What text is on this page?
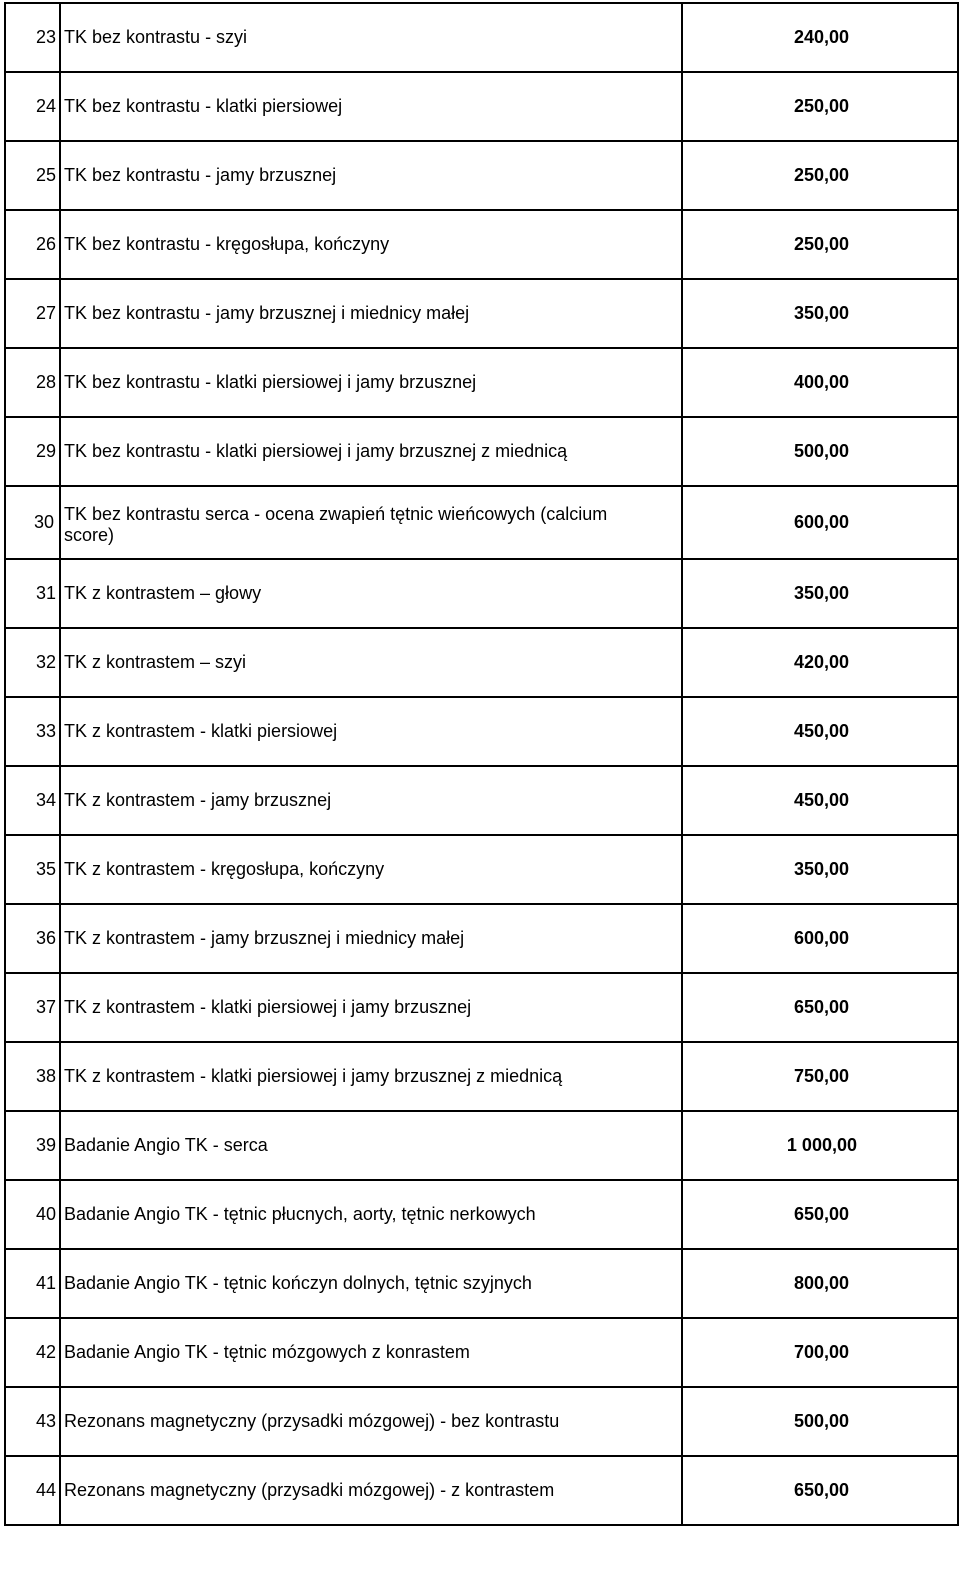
23	TK bez kontrastu - szyi	240,00
24	TK bez kontrastu - klatki piersiowej	250,00
25	TK bez kontrastu - jamy brzusznej	250,00
26	TK bez kontrastu - kręgosłupa, kończyny	250,00
27	TK bez kontrastu - jamy brzusznej i miednicy małej	350,00
28	TK bez kontrastu - klatki piersiowej i jamy brzusznej	400,00
29	TK bez kontrastu - klatki piersiowej i jamy brzusznej z miednicą	500,00
30	TK bez kontrastu serca - ocena zwapień tętnic wieńcowych (calcium score)	600,00
31	TK z kontrastem – głowy	350,00
32	TK z kontrastem – szyi	420,00
33	TK z kontrastem - klatki piersiowej	450,00
34	TK z kontrastem - jamy brzusznej	450,00
35	TK z kontrastem - kręgosłupa, kończyny	350,00
36	TK z kontrastem - jamy brzusznej i miednicy małej	600,00
37	TK z kontrastem - klatki piersiowej i jamy brzusznej	650,00
38	TK z kontrastem - klatki piersiowej i jamy brzusznej z miednicą	750,00
39	Badanie Angio TK - serca	1 000,00
40	Badanie Angio TK - tętnic płucnych, aorty, tętnic nerkowych	650,00
41	Badanie Angio TK - tętnic kończyn dolnych, tętnic szyjnych	800,00
42	Badanie Angio TK - tętnic mózgowych z konrastem	700,00
43	Rezonans magnetyczny (przysadki mózgowej) - bez kontrastu	500,00
44	Rezonans magnetyczny (przysadki mózgowej) - z kontrastem	650,00
